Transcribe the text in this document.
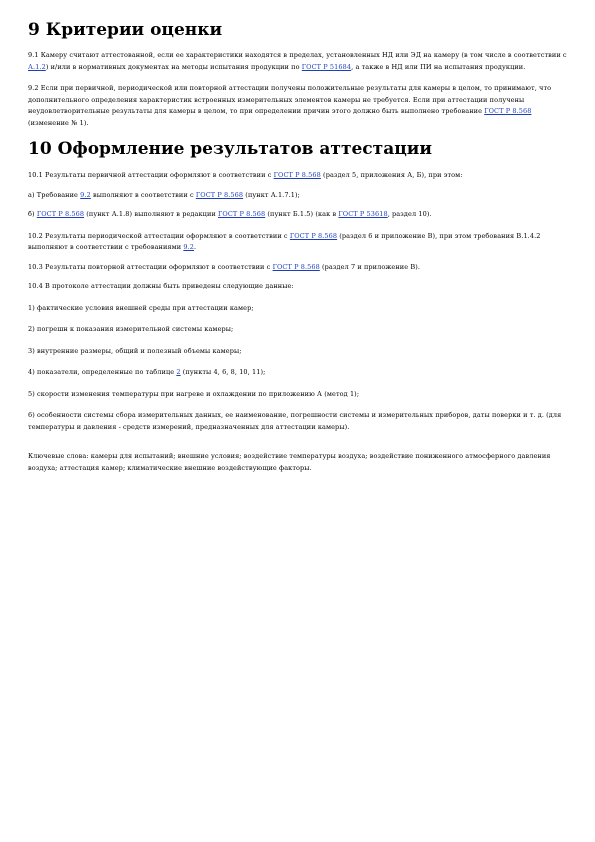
9 Критерии оценки

9.1 Камеру считают аттестованной, если ее характеристики находятся в пределах, установленных НД или ЭД на камеру (в том числе в соответствии с А.1.2) и/или в нормативных документах на методы испытания продукции по ГОСТ Р 51684, а также в НД или ПИ на испытания продукции.

9.2 Если при первичной, периодической или повторной аттестации получены положительные результаты для камеры в целом, то принимают, что дополнительного определения характеристик встроенных измерительных элементов камеры не требуется. Если при аттестации получены неудовлетворительные результаты для камеры в целом, то при определении причин этого должно быть выполнено требование ГОСТ Р 8.568 (изменение № 1).

10 Оформление результатов аттестации

10.1 Результаты первичной аттестации оформляют в соответствии с ГОСТ Р 8.568 (раздел 5, приложения А, Б), при этом:

а) Требование 9.2 выполняют в соответствии с ГОСТ Р 8.568 (пункт А.1.7.1);

б) ГОСТ Р 8.568 (пункт А.1.8) выполняют в редакции ГОСТ Р 8.568 (пункт Б.1.5) (как в ГОСТ Р 53618, раздел 10).

10.2 Результаты периодической аттестации оформляют в соответствии с ГОСТ Р 8.568 (раздел 6 и приложение В), при этом требования В.1.4.2 выполняют в соответствии с требованиями 9.2.

10.3 Результаты повторной аттестации оформляют в соответствии с ГОСТ Р 8.568 (раздел 7 и приложение В).

10.4 В протоколе аттестации должны быть приведены следующие данные:

1) фактические условия внешней среды при аттестации камер;

2) погрешн к показания измерительной системы камеры;

3) внутренние размеры, общий и полезный объемы камеры;

4) показатели, определенные по таблице 2 (пункты 4, 6, 8, 10, 11);

5) скорости изменения температуры при нагреве и охлаждении по приложению А (метод 1);

6) особенности системы сбора измерительных данных, ее наименование, погрешности системы и измерительных приборов, даты поверки и т. д. (для температуры и давления - средств измерений, предназначенных для аттестации камеры).

Ключевые слова: камеры для испытаний; внешние условия; воздействие температуры воздуха; воздействие пониженного атмосферного давления воздуха; аттестация камер; климатические внешние воздействующие факторы.
